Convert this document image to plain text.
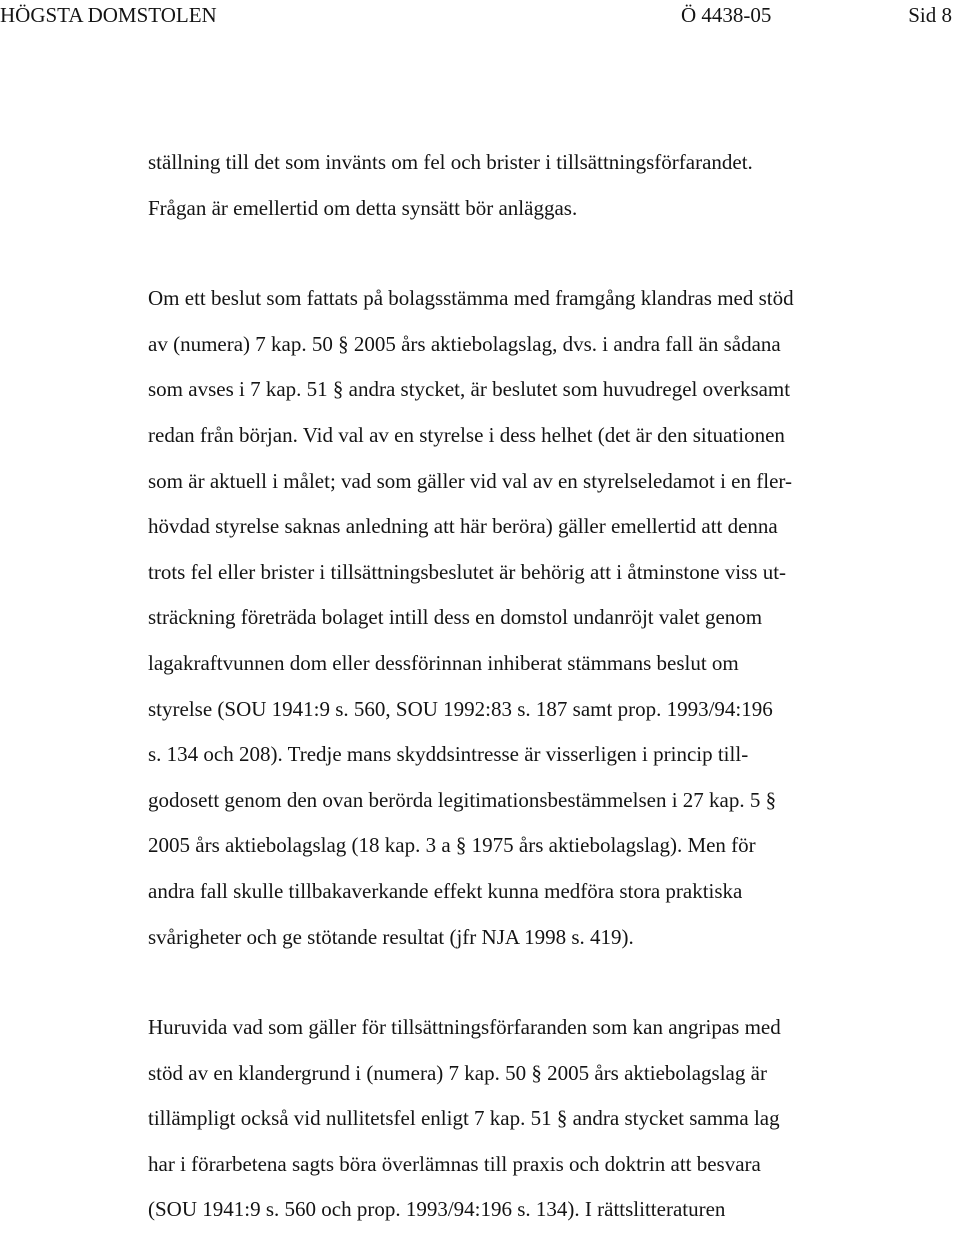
HÖGSTA DOMSTOLEN	Ö 4438-05	Sid 8
ställning till det som invänts om fel och brister i tillsättningsförfarandet.
Frågan är emellertid om detta synsätt bör anläggas.
Om ett beslut som fattats på bolagsstämma med framgång klandras med stöd
av (numera) 7 kap. 50 § 2005 års aktiebolagslag, dvs. i andra fall än sådana
som avses i 7 kap. 51 § andra stycket, är beslutet som huvudregel overksamt
redan från början. Vid val av en styrelse i dess helhet (det är den situationen
som är aktuell i målet; vad som gäller vid val av en styrelseledamot i en fler-
hövdad styrelse saknas anledning att här beröra) gäller emellertid att denna
trots fel eller brister i tillsättningsbeslutet är behörig att i åtminstone viss ut-
sträckning företräda bolaget intill dess en domstol undanröjt valet genom
lagakraftvunnen dom eller dessförinnan inhiberat stämmans beslut om
styrelse (SOU 1941:9 s. 560, SOU 1992:83 s. 187 samt prop. 1993/94:196
s. 134 och 208). Tredje mans skyddsintresse är visserligen i princip till-
godosett genom den ovan berörda legitimationsbestämmelsen i 27 kap. 5 §
2005 års aktiebolagslag (18 kap. 3 a § 1975 års aktiebolagslag). Men för
andra fall skulle tillbakaverkande effekt kunna medföra stora praktiska
svårigheter och ge stötande resultat (jfr NJA 1998 s. 419).
Huruvida vad som gäller för tillsättningsförfaranden som kan angripas med
stöd av en klandergrund i (numera) 7 kap. 50 § 2005 års aktiebolagslag är
tillämpligt också vid nullitetsfel enligt 7 kap. 51 § andra stycket samma lag
har i förarbetena sagts böra överlämnas till praxis och doktrin att besvara
(SOU 1941:9 s. 560 och prop. 1993/94:196 s. 134). I rättslitteraturen
